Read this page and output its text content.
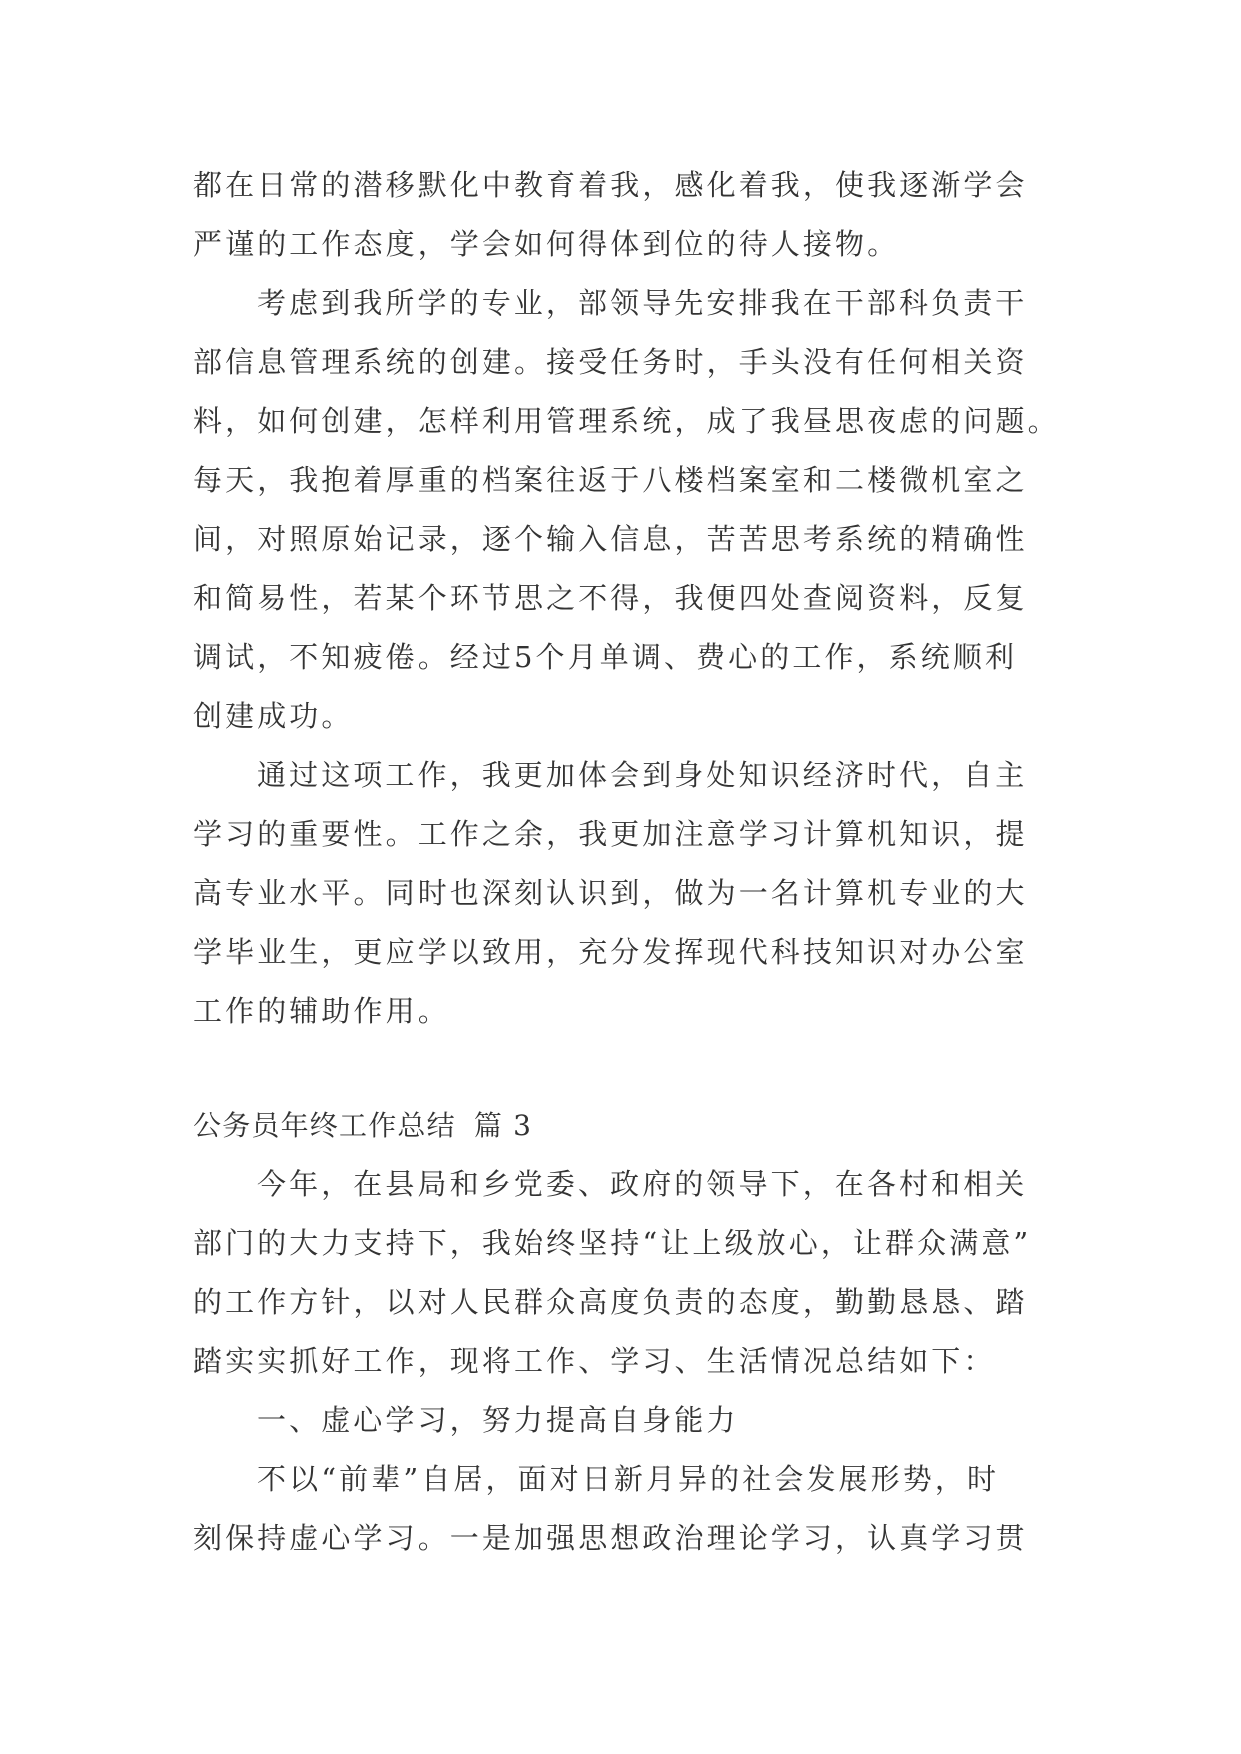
都在日常的潜移默化中教育着我，感化着我，使我逐渐学会
严谨的工作态度，学会如何得体到位的待人接物。
考虑到我所学的专业，部领导先安排我在干部科负责干
部信息管理系统的创建。接受任务时，手头没有任何相关资
料，如何创建，怎样利用管理系统，成了我昼思夜虑的问题。
每天，我抱着厚重的档案往返于八楼档案室和二楼微机室之
间，对照原始记录，逐个输入信息，苦苦思考系统的精确性
和简易性，若某个环节思之不得，我便四处查阅资料，反复
调试，不知疲倦。经过5个月单调、费心的工作，系统顺利
创建成功。
通过这项工作，我更加体会到身处知识经济时代，自主
学习的重要性。工作之余，我更加注意学习计算机知识，提
高专业水平。同时也深刻认识到，做为一名计算机专业的大
学毕业生，更应学以致用，充分发挥现代科技知识对办公室
工作的辅助作用。
公务员年终工作总结 篇 3
今年，在县局和乡党委、政府的领导下，在各村和相关
部门的大力支持下，我始终坚持“让上级放心，让群众满意”
的工作方针，以对人民群众高度负责的态度，勤勤恳恳、踏
踏实实抓好工作，现将工作、学习、生活情况总结如下：
一、虚心学习，努力提高自身能力
不以“前辈”自居，面对日新月异的社会发展形势，时
刻保持虚心学习。一是加强思想政治理论学习，认真学习贯
